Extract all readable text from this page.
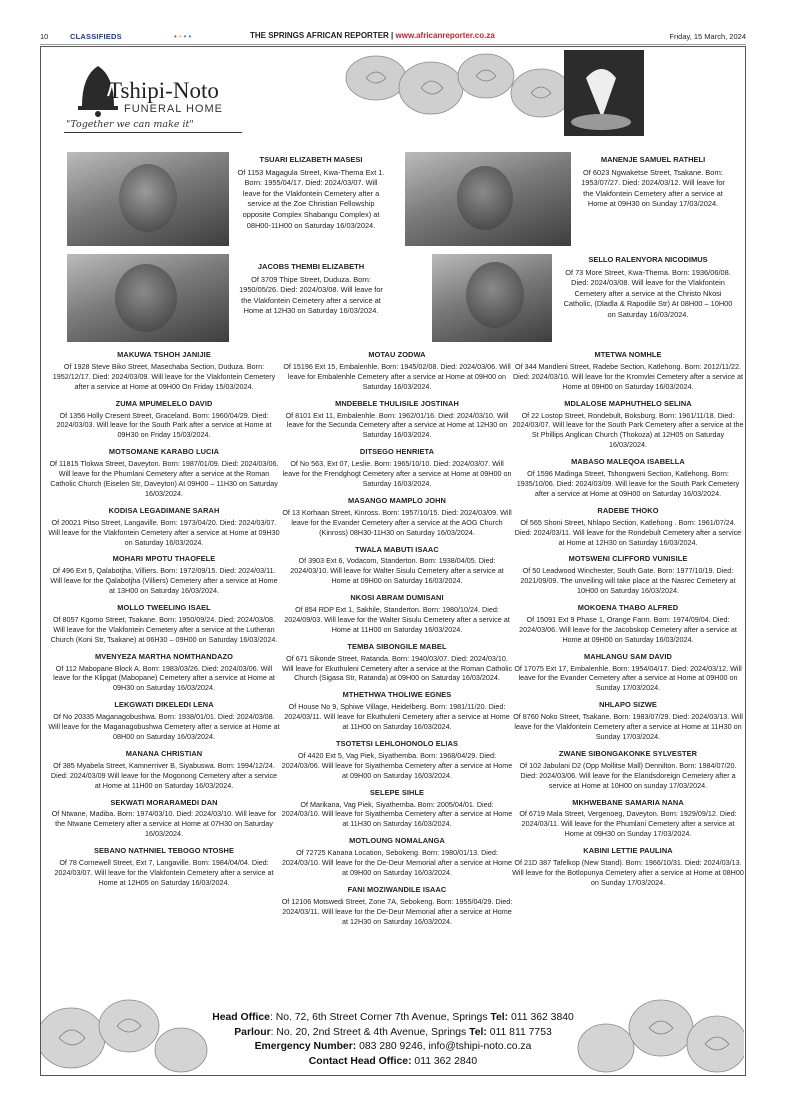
10	CLASSIFIEDS	••••	THE SPRINGS AFRICAN REPORTER | www.africanreporter.co.za	Friday, 15 March, 2024
Tshipi-Noto
FUNERAL HOME
"Together we can make it"
TSUARI ELIZABETH MASESI
Of 1153 Magagula Street, Kwa-Thema Ext 1. Born: 1955/04/17. Died: 2024/03/07. Will leave for the Vlakfontein Cemetery after a service at the Zoe Christian Fellowship opposite Complex Shabangu Complex) at 08H00-11H00 on Saturday 16/03/2024.
MANENJE SAMUEL RATHELI
Of 6023 Ngwaketse Street, Tsakane. Born: 1953/07/27. Died: 2024/03/12. Will leave for the Vlakfontein Cemetery after a service at Home at 09H30 on Sunday 17/03/2024.
JACOBS THEMBI ELIZABETH
Of 3709 Thipe Street, Duduza. Born: 1950/05/26. Died: 2024/03/08. Will leave for the Vlakfontein Cemetery after a service at Home at 12H30 on Saturday 16/03/2024.
SELLO RALENYORA NICODIMUS
Of 73 More Street, Kwa-Thema. Born: 1936/06/08. Died: 2024/03/08. Will leave for the Vlakfontein Cemetery after a service at the Christo Nkosi Catholic, (Dladla & Rapodile Str) At 08H00 – 10H00 on Saturday 16/03/2024.
MAKUWA TSHOH JANIJIE
Of 1928 Steve Biko Street, Masechaba Section, Duduza. Born: 1952/12/17. Died: 2024/03/09. Will leave for the Vlakfontein Cemetery after a service at Home at 09H00 On Friday 15/03/2024.
ZUMA MPUMELELO DAVID
Of 1356 Holly Cresent Street, Graceland. Born: 1960/04/29. Died: 2024/03/03. Will leave for the South Park after a service at Home at 09H30 on Friday 15/03/2024.
MOTSOMANE KARABO LUCIA
Of 11815 Tlokwa Street, Daveyton. Born: 1987/01/09. Died: 2024/03/06. Will leave for the Phumlani Cemetery after a service at the Roman Catholic Church (Eiselen Str, Daveyton) At 09H00 – 11H30 on Saturday 16/03/2024.
KODISA LEGADIMANE SARAH
Of 20021 Pitso Street, Langaville. Born: 1973/04/20. Died: 2024/03/07. Will leave for the Vlakfontein Cemetery after a service at Home at 09H30 on Saturday 16/03/2024.
MOHARI MPOTU THAOFELE
Of 496 Ext 5, Qalabotjha, Villiers. Born: 1972/09/15. Died: 2024/03/11. Will leave for the Qalabotjha (Villiers) Cemetery after a service at Home at 13H00 on Saturday 16/03/2024.
MOLLO TWEELING ISAEL
Of 8057 Kgomo Street, Tsakane. Born: 1950/09/24. Died: 2024/03/08. Will leave for the Vlakfontein Cemetery after a service at the Lutheran Church (Koni Str, Tsakane) at 06H30 – 09H00 on Saturday 16/03/2024.
MVENYEZA MARTHA NOMTHANDAZO
Of 112 Mabopane Block A. Born: 1983/03/26. Died: 2024/03/06. Will leave for the Klipgat (Mabopane) Cemetery after a service at Home at 09H30 on Saturday 16/03/2024.
LEKGWATI DIKELEDI LENA
Of No 20335 Maganagobushwa. Born: 1938/01/01. Died: 2024/03/08. Will leave for the Maganagobushwa Cemetery after a service at Home at 08H00 on Saturday 16/03/2024.
MANANA CHRISTIAN
Of 385 Myabela Street, Kamnerriver B, Siyabuswa. Born: 1994/12/24. Died: 2024/03/09 Will leave for the Mogonong Cemetery after a service at Home at 11H00 on Saturday 16/03/2024.
SEKWATI MORARAMEDI DAN
Of Ntwane, Madiba. Born: 1974/03/10. Died: 2024/03/10. Will leave for the Ntwane Cemetery after a service at Home at 07H30 on Saturday 16/03/2024.
SEBANO NATHNIEL TEBOGO NTOSHE
Of 78 Cornewell Street, Ext 7, Langaville. Born: 1984/04/04. Died: 2024/03/07. Will leave for the Vlakfontein Cemetery after a service at Home at 12H05 on Saturday 16/03/2024.
MOTAU ZODWA
Of 15196 Ext 15, Embalenhle. Born: 1945/02/08. Died: 2024/03/06. Will leave for Embalenhle Cemetery after a service at Home at 09H00 on Saturday 16/03/2024.
MNDEBELE THULISILE JOSTINAH
Of 8101 Ext 11, Embalenhle. Born: 1962/01/16. Died: 2024/03/10. Will leave for the Secunda Cemetery after a service at Home at 12H30 on Saturday 16/03/2024.
DITSEGO HENRIETA
Of No 563, Ext 07, Leslie. Born: 1965/10/10. Died: 2024/03/07. Will leave for the Frendghogt Cemetery after a service at Home at 09H00 on Saturday 16/03/2024.
MASANGO MAMPLO JOHN
Of 13 Korhaan Street, Kinross. Born: 1957/10/15. Died: 2024/03/09. Will leave for the Evander Cemetery after a service at the AOG Church (Kinross) 08H30-11H30 on Saturday 16/03/2024.
TWALA MABUTI ISAAC
Of 3903 Ext 6, Vodacom, Standerton. Born: 1938/04/05. Died: 2024/03/10. Will leave for Walter Sisulu Cemetery after a service at Home at 09H00 on Saturday 16/03/2024.
NKOSI ABRAM DUMISANI
Of 854 RDP Ext 1, Sakhile, Standerton. Born: 1980/10/24. Died: 2024/09/03. Will leave for the Walter Sisulu Cemetery after a service at Home at 11H00 on Saturday 16/03/2024.
TEMBA SIBONGILE MABEL
Of 671 Sikonde Street, Ratanda. Born: 1940/03/07. Died: 2024/03/10. Will leave for Ekuthuleni Cemetery after a service at the Roman Catholic Church (Sigasa Str, Ratanda) at 09H00 on Saturday 16/03/2024.
MTHETHWA THOLIWE EGNES
Of House No 9, Sphiwe Village, Heidelberg. Born: 1981/11/20. Died: 2024/03/11. Will leave for Ekuthuleni Cemetery after a service at Home at 11H00 on Saturday 16/03/2024.
TSOTETSI LEHLOHONOLO ELIAS
Of 4420 Ext 5, Vag Piek, Siyathemba. Born: 1968/04/29. Died: 2024/03/06. Will leave for Siyathemba Cemetery after a service at Home at 09H00 on Saturday 16/03/2024.
SELEPE SIHLE
Of Marikana, Vag Piek, Siyathemba. Born: 2005/04/01. Died: 2024/03/10. Will leave for Siyathemba Cemetery after a service at Home at 11H30 on Saturday 16/03/2024.
MOTLOUNG NOMALANGA
Of 72725 Kanana Location, Sebokeng. Born: 1980/01/13. Died: 2024/03/10. Will leave for the De-Deur Memorial after a service at Home at 09H00 on Saturday 16/03/2024.
FANI MOZIWANDILE ISAAC
Of 12106 Motswedi Street, Zone 7A, Sebokeng. Born: 1955/04/29. Died: 2024/03/11. Will leave for the De-Deur Memorial after a service at Home at 12H30 on Saturday 16/03/2024.
MTETWA NOMHLE
Of 344 Mandleni Street, Radebe Section, Katlehong. Born: 2012/11/22. Died: 2024/03/10. Will leave for the Kromvlei Cemetery after a service at Home at 09H00 on Saturday 16/03/2024.
MDLALOSE MAPHUTHELO SELINA
Of 22 Lostop Street, Rondebult, Boksburg. Born: 1961/11/18. Died: 2024/03/07. Will leave for the South Park Cemetery after a service at the St Phillips Anglican Church (Thokoza) at 12H05 on Saturday 16/03/2024.
MABASO MALEQOA ISABELLA
Of 1596 Madinga Street, Tshongweni Section, Katlehong. Born: 1935/10/06. Died: 2024/03/09. Will leave for the South Park Cemetery after a service at Home at 09H00 on Saturday 16/03/2024.
RADEBE THOKO
Of 565 Shoni Street, Nhlapo Section, Katlehong . Born: 1961/07/24. Died: 2024/03/11. Will leave for the Rondebult Cemetery after a service at Home at 12H30 on Saturday 16/03/2024.
MOTSWENI CLIFFORD VUNISILE
Of 50 Leadwood Winchester, South Gate. Born: 1977/10/19. Died: 2021/09/09. The unveiling will take place at the Nasrec Cemetery at 10H00 on Saturday 16/03/2024.
MOKOENA THABO ALFRED
Of 15091 Ext 9 Phase 1, Orange Farm. Born: 1974/09/04. Died: 2024/03/06. Will leave for the Jacobskop Cemetery after a service at Home at 09H00 on Saturday 16/03/2024.
MAHLANGU SAM DAVID
Of 17075 Ext 17, Embalenhle. Born: 1954/04/17. Died: 2024/03/12. Will leave for the Evander Cemetery after a service at Home at 09H00 on Sunday 17/03/2024.
NHLAPO SIZWE
Of 8760 Noko Street, Tsakane. Born: 1983/07/29. Died: 2024/03/13. Will leave for the Vlakfontein Cemetery after a service at Home at 11H30 on Sunday 17/03/2024.
ZWANE SIBONGAKONKE SYLVESTER
Of 102 Jabulani D2 (Opp Mollitse Mall) Dennilton. Born: 1984/07/20. Died: 2024/03/06. Will leave for the Elandsdoreign Cemetery after a service at Home at 10H00 on sunday 17/03/2024.
MKHWEBANE SAMARIA NANA
Of 6719 Mala Street, Vergenoeg, Daveyton. Born: 1929/09/12. Died: 2024/03/11. Will leave for the Phumlani Cemetery after a service at Home at 09H30 on Sunday 17/03/2024.
KABINI LETTIE PAULINA
Of 21D 387 Tafelkop (New Stand). Born: 1966/10/31. Died: 2024/03/13. Will leave for the Botlopunya Cemetery after a service at Home at 08H00 on Sunday 17/03/2024.
Head Office: No. 72, 6th Street Corner 7th Avenue, Springs Tel: 011 362 3840
Parlour: No. 20, 2nd Street & 4th Avenue, Springs Tel: 011 811 7753
Emergency Number: 083 280 9246, info@tshipi-noto.co.za
Contact Head Office: 011 362 2840
